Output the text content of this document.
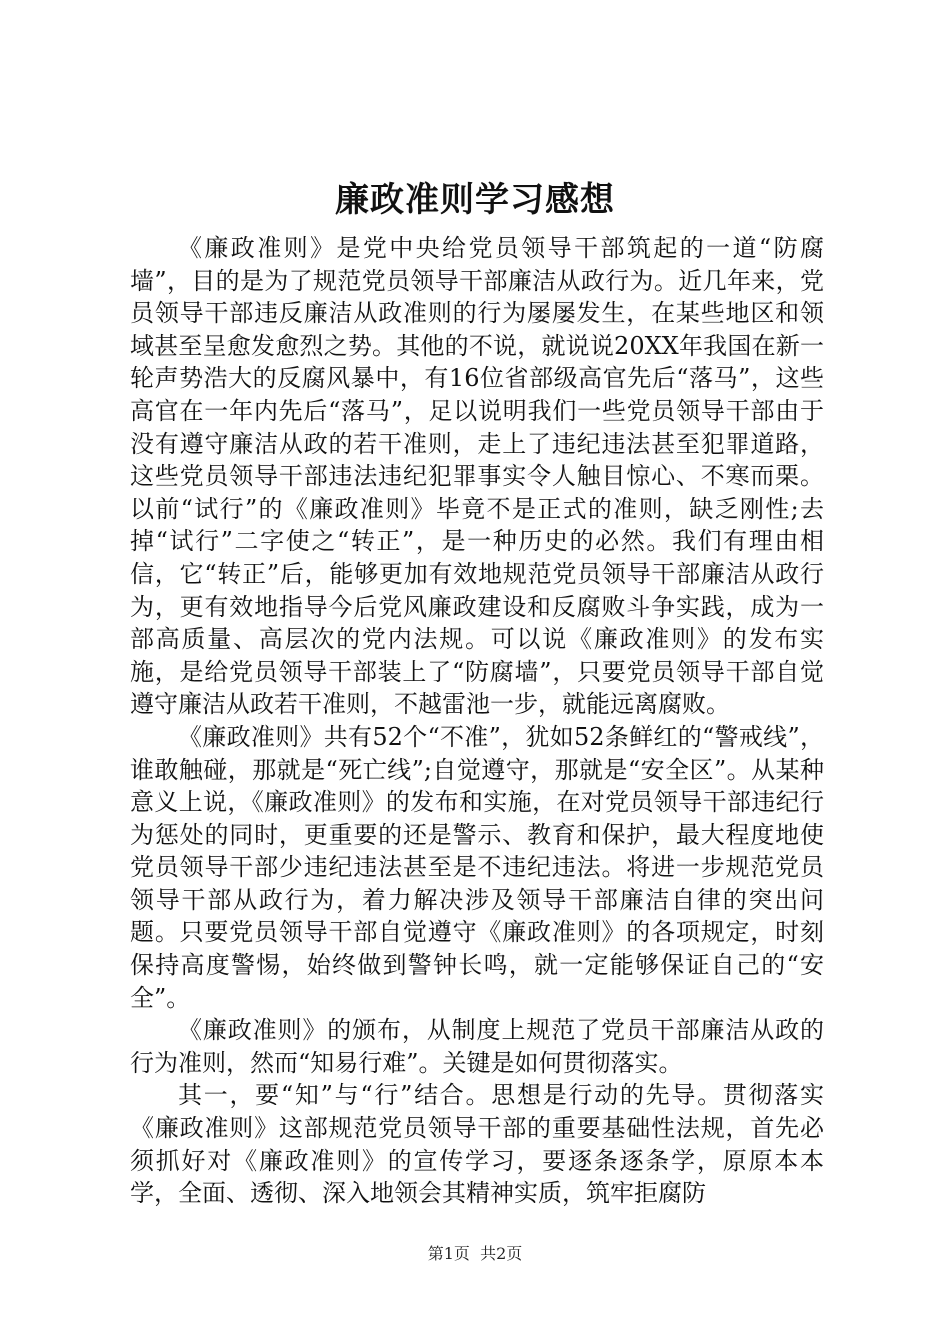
廉政准则学习感想

《廉政准则》是党中央给党员领导干部筑起的一道“防腐墙”，目的是为了规范党员领导干部廉洁从政行为。近几年来，党员领导干部违反廉洁从政准则的行为屡屡发生，在某些地区和领域甚至呈愈发愈烈之势。其他的不说，就说说20XX年我国在新一轮声势浩大的反腐风暴中，有16位省部级高官先后“落马”，这些高官在一年内先后“落马”，足以说明我们一些党员领导干部由于没有遵守廉洁从政的若干准则，走上了违纪违法甚至犯罪道路，这些党员领导干部违法违纪犯罪事实令人触目惊心、不寒而栗。以前“试行”的《廉政准则》毕竟不是正式的准则，缺乏刚性;去掉“试行”二字使之“转正”，是一种历史的必然。我们有理由相信，它“转正”后，能够更加有效地规范党员领导干部廉洁从政行为，更有效地指导今后党风廉政建设和反腐败斗争实践，成为一部高质量、高层次的党内法规。可以说《廉政准则》的发布实施，是给党员领导干部装上了“防腐墙”，只要党员领导干部自觉遵守廉洁从政若干准则，不越雷池一步，就能远离腐败。

《廉政准则》共有52个“不准”，犹如52条鲜红的“警戒线”，谁敢触碰，那就是“死亡线”;自觉遵守，那就是“安全区”。从某种意义上说，《廉政准则》的发布和实施，在对党员领导干部违纪行为惩处的同时，更重要的还是警示、教育和保护，最大程度地使党员领导干部少违纪违法甚至是不违纪违法。将进一步规范党员领导干部从政行为，着力解决涉及领导干部廉洁自律的突出问题。只要党员领导干部自觉遵守《廉政准则》的各项规定，时刻保持高度警惕，始终做到警钟长鸣，就一定能够保证自己的“安全”。

《廉政准则》的颁布，从制度上规范了党员干部廉洁从政的行为准则，然而“知易行难”。关键是如何贯彻落实。

其一，要“知”与“行”结合。思想是行动的先导。贯彻落实《廉政准则》这部规范党员领导干部的重要基础性法规，首先必须抓好对《廉政准则》的宣传学习，要逐条逐条学，原原本本学，全面、透彻、深入地领会其精神实质，筑牢拒腐防

第1页  共2页
